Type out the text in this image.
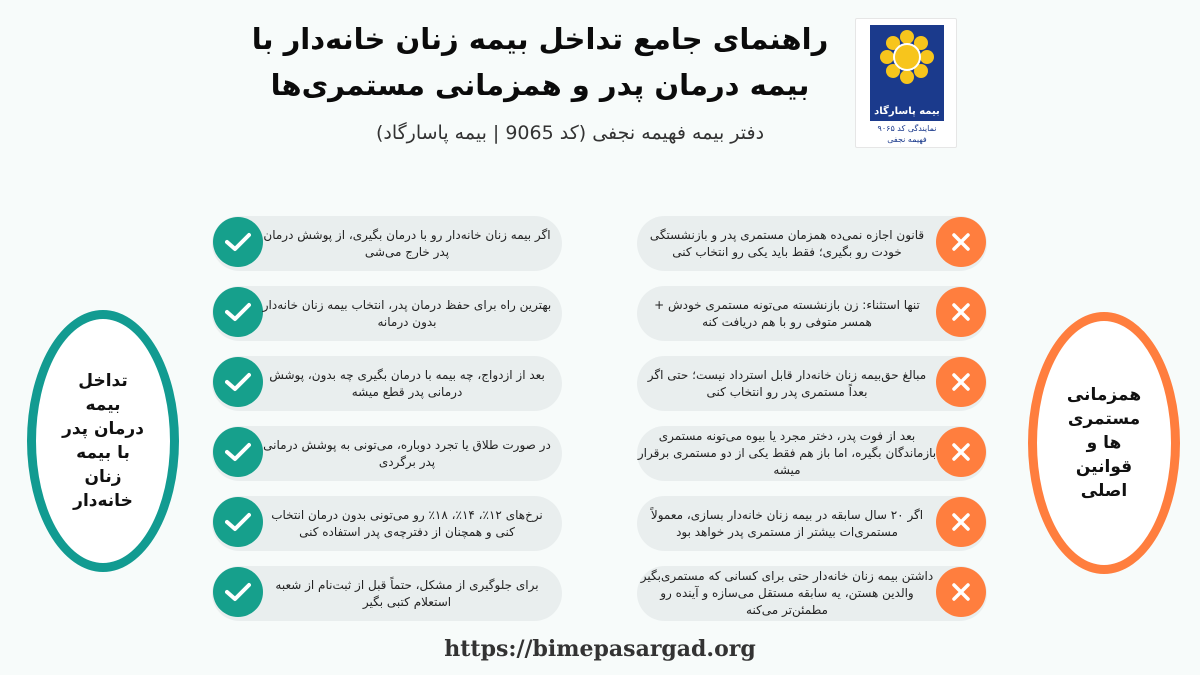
راهنمای جامع تداخل بیمه زنان خانه‌دار با بیمه درمان پدر و همزمانی مستمری‌ها
دفتر بیمه فهیمه نجفی (کد 9065 | بیمه پاسارگاد)
بیمه پاسارگاد
نمایندگی کد ۹۰۶۵
فهیمه نجفی
تداخل بیمه درمان پدر با بیمه زنان خانه‌دار
همزمانی مستمری ها و قوانین اصلی
اگر بیمه زنان خانه‌دار رو با درمان بگیری، از پوشش درمان پدر خارج می‌شی
بهترین راه برای حفظ درمان پدر، انتخاب بیمه زنان خانه‌دار بدون درمانه
بعد از ازدواج، چه بیمه با درمان بگیری چه بدون، پوشش درمانی پدر قطع میشه
در صورت طلاق یا تجرد دوباره، می‌تونی به پوشش درمانی پدر برگردی
نرخ‌های ۱۲٪، ۱۴٪، ۱۸٪ رو می‌تونی بدون درمان انتخاب کنی و همچنان از دفترچه‌ی پدر استفاده کنی
برای جلوگیری از مشکل، حتماً قبل از ثبت‌نام از شعبه استعلام کتبی بگیر
قانون اجازه نمی‌ده همزمان مستمری پدر و بازنشستگی خودت رو بگیری؛ فقط باید یکی رو انتخاب کنی
تنها استثناء: زن بازنشسته می‌تونه مستمری خودش + همسر متوفی رو با هم دریافت کنه
مبالغ حق‌بیمه زنان خانه‌دار قابل استرداد نیست؛ حتی اگر بعداً مستمری پدر رو انتخاب کنی
بعد از فوت پدر، دختر مجرد یا بیوه می‌تونه مستمری بازماندگان بگیره، اما باز هم فقط یکی از دو مستمری برقرار میشه
اگر ۲۰ سال سابقه در بیمه زنان خانه‌دار بسازی، معمولاً مستمری‌ات بیشتر از مستمری پدر خواهد بود
داشتن بیمه زنان خانه‌دار حتی برای کسانی که مستمری‌بگیر والدین هستن، یه سابقه مستقل می‌سازه و آینده رو مطمئن‌تر می‌کنه
https://bimepasargad.org
